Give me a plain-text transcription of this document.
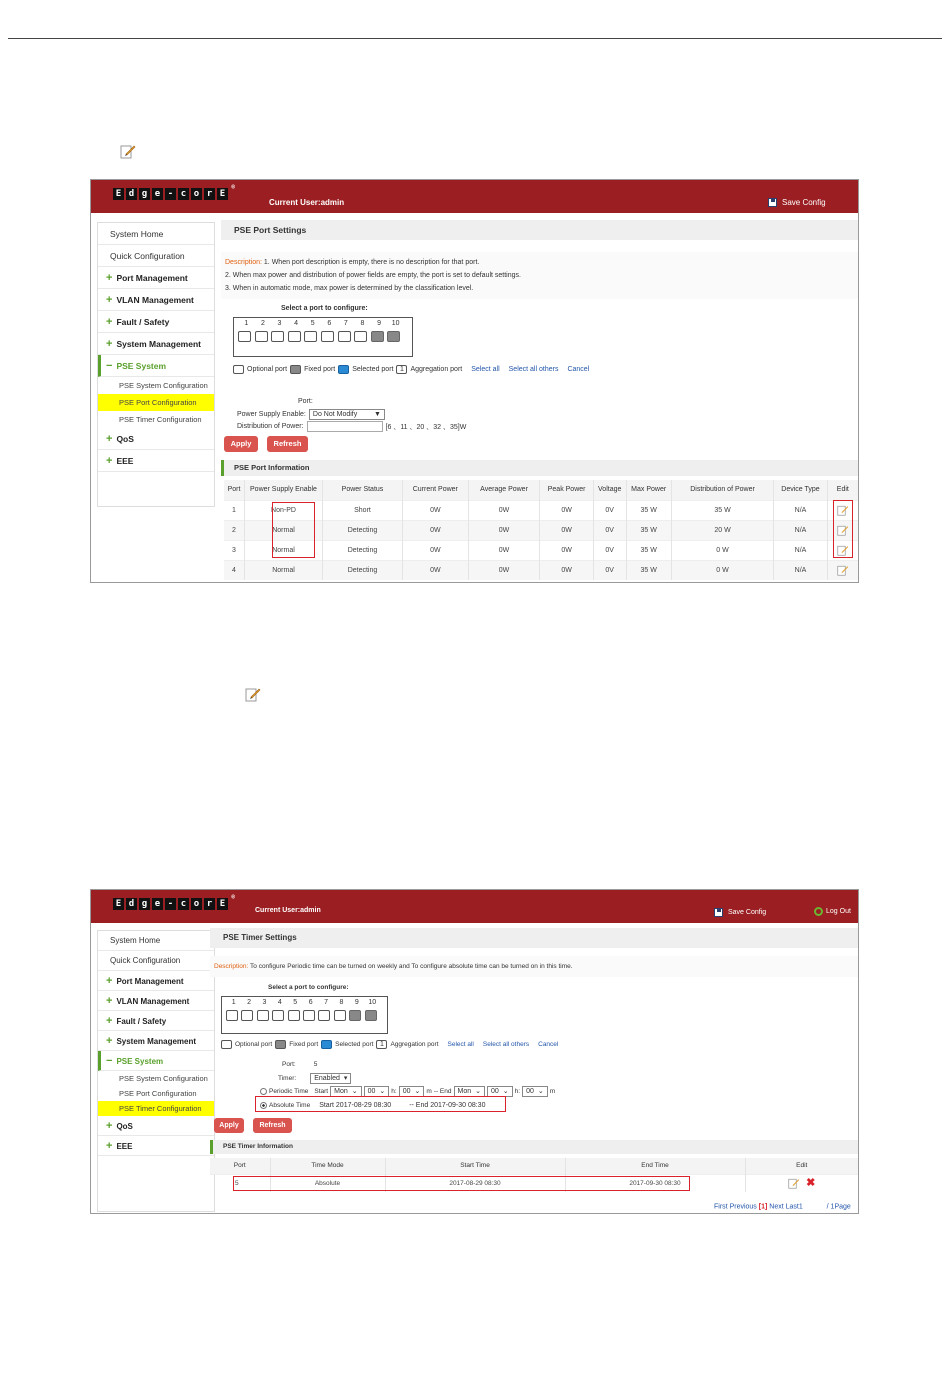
E d g e - c o r E
®
Current User:admin	Save Config
System Home
Quick Configuration
+ Port Management
+ VLAN Management
+ Fault / Safety
+ System Management
− PSE System
PSE System Configuration
PSE Port Configuration
PSE Timer Configuration
+ QoS
+ EEE
PSE Port Settings
Description: 1. When port description is empty, there is no description for that port.
2. When max power and distribution of power fields are empty, the port is set to default settings.
3. When in automatic mode, max power is determined by the classification level.
Select a port to configure:
1	2	3	4	5	6	7	8	9	10
Optional port Fixed port Selected port 1 Aggregation port Select all Select all others Cancel
Port:
Power Supply Enable: Do Not Modify ▼
Distribution of Power:	[6 、11 、20 、32 、35]W
Apply	Refresh
PSE Port Information
Port	Power Supply Enable	Power Status	Current Power	Average Power	Peak Power	Voltage	Max Power	Distribution of Power	Device Type	Edit
1	Non-PD	Short	0W	0W	0W	0V	35 W	35 W	N/A	

2	Normal	Detecting	0W	0W	0W	0V	35 W	20 W	N/A	

3	Normal	Detecting	0W	0W	0W	0V	35 W	0 W	N/A	

4	Normal	Detecting	0W	0W	0W	0V	35 W	0 W	N/A	
E d g e - c o r E
®
Current User:admin	Save Config	Log Out
System Home
Quick Configuration
+ Port Management
+ VLAN Management
+ Fault / Safety
+ System Management
− PSE System
PSE System Configuration
PSE Port Configuration
PSE Timer Configuration
+ QoS
+ EEE
PSE Timer Settings
Description: To configure Periodic time can be turned on weekly and To configure absolute time can be turned on in this time.
Select a port to configure:
1	2	3	4	5	6	7	8	9	10
Optional port	Fixed port	Selected port 1	Aggregation port Select all Select all others Cancel
Port:	5
Timer:	Enabled ▾
Periodic Time Start Mon ⌄ 00 ⌄ h: 00 ⌄ m -- End Mon ⌄ 00 ⌄ h: 00 ⌄ m
Absolute Time	Start 2017-08-29 08:30	-- End 2017-09-30 08:30
Apply	Refresh
PSE Timer Information
Port	Time Mode	Start Time	End Time	Edit
5	Absolute	2017-08-29 08:30	2017-09-30 08:30	✖
First Previous [1] Next Last1	/ 1Page
